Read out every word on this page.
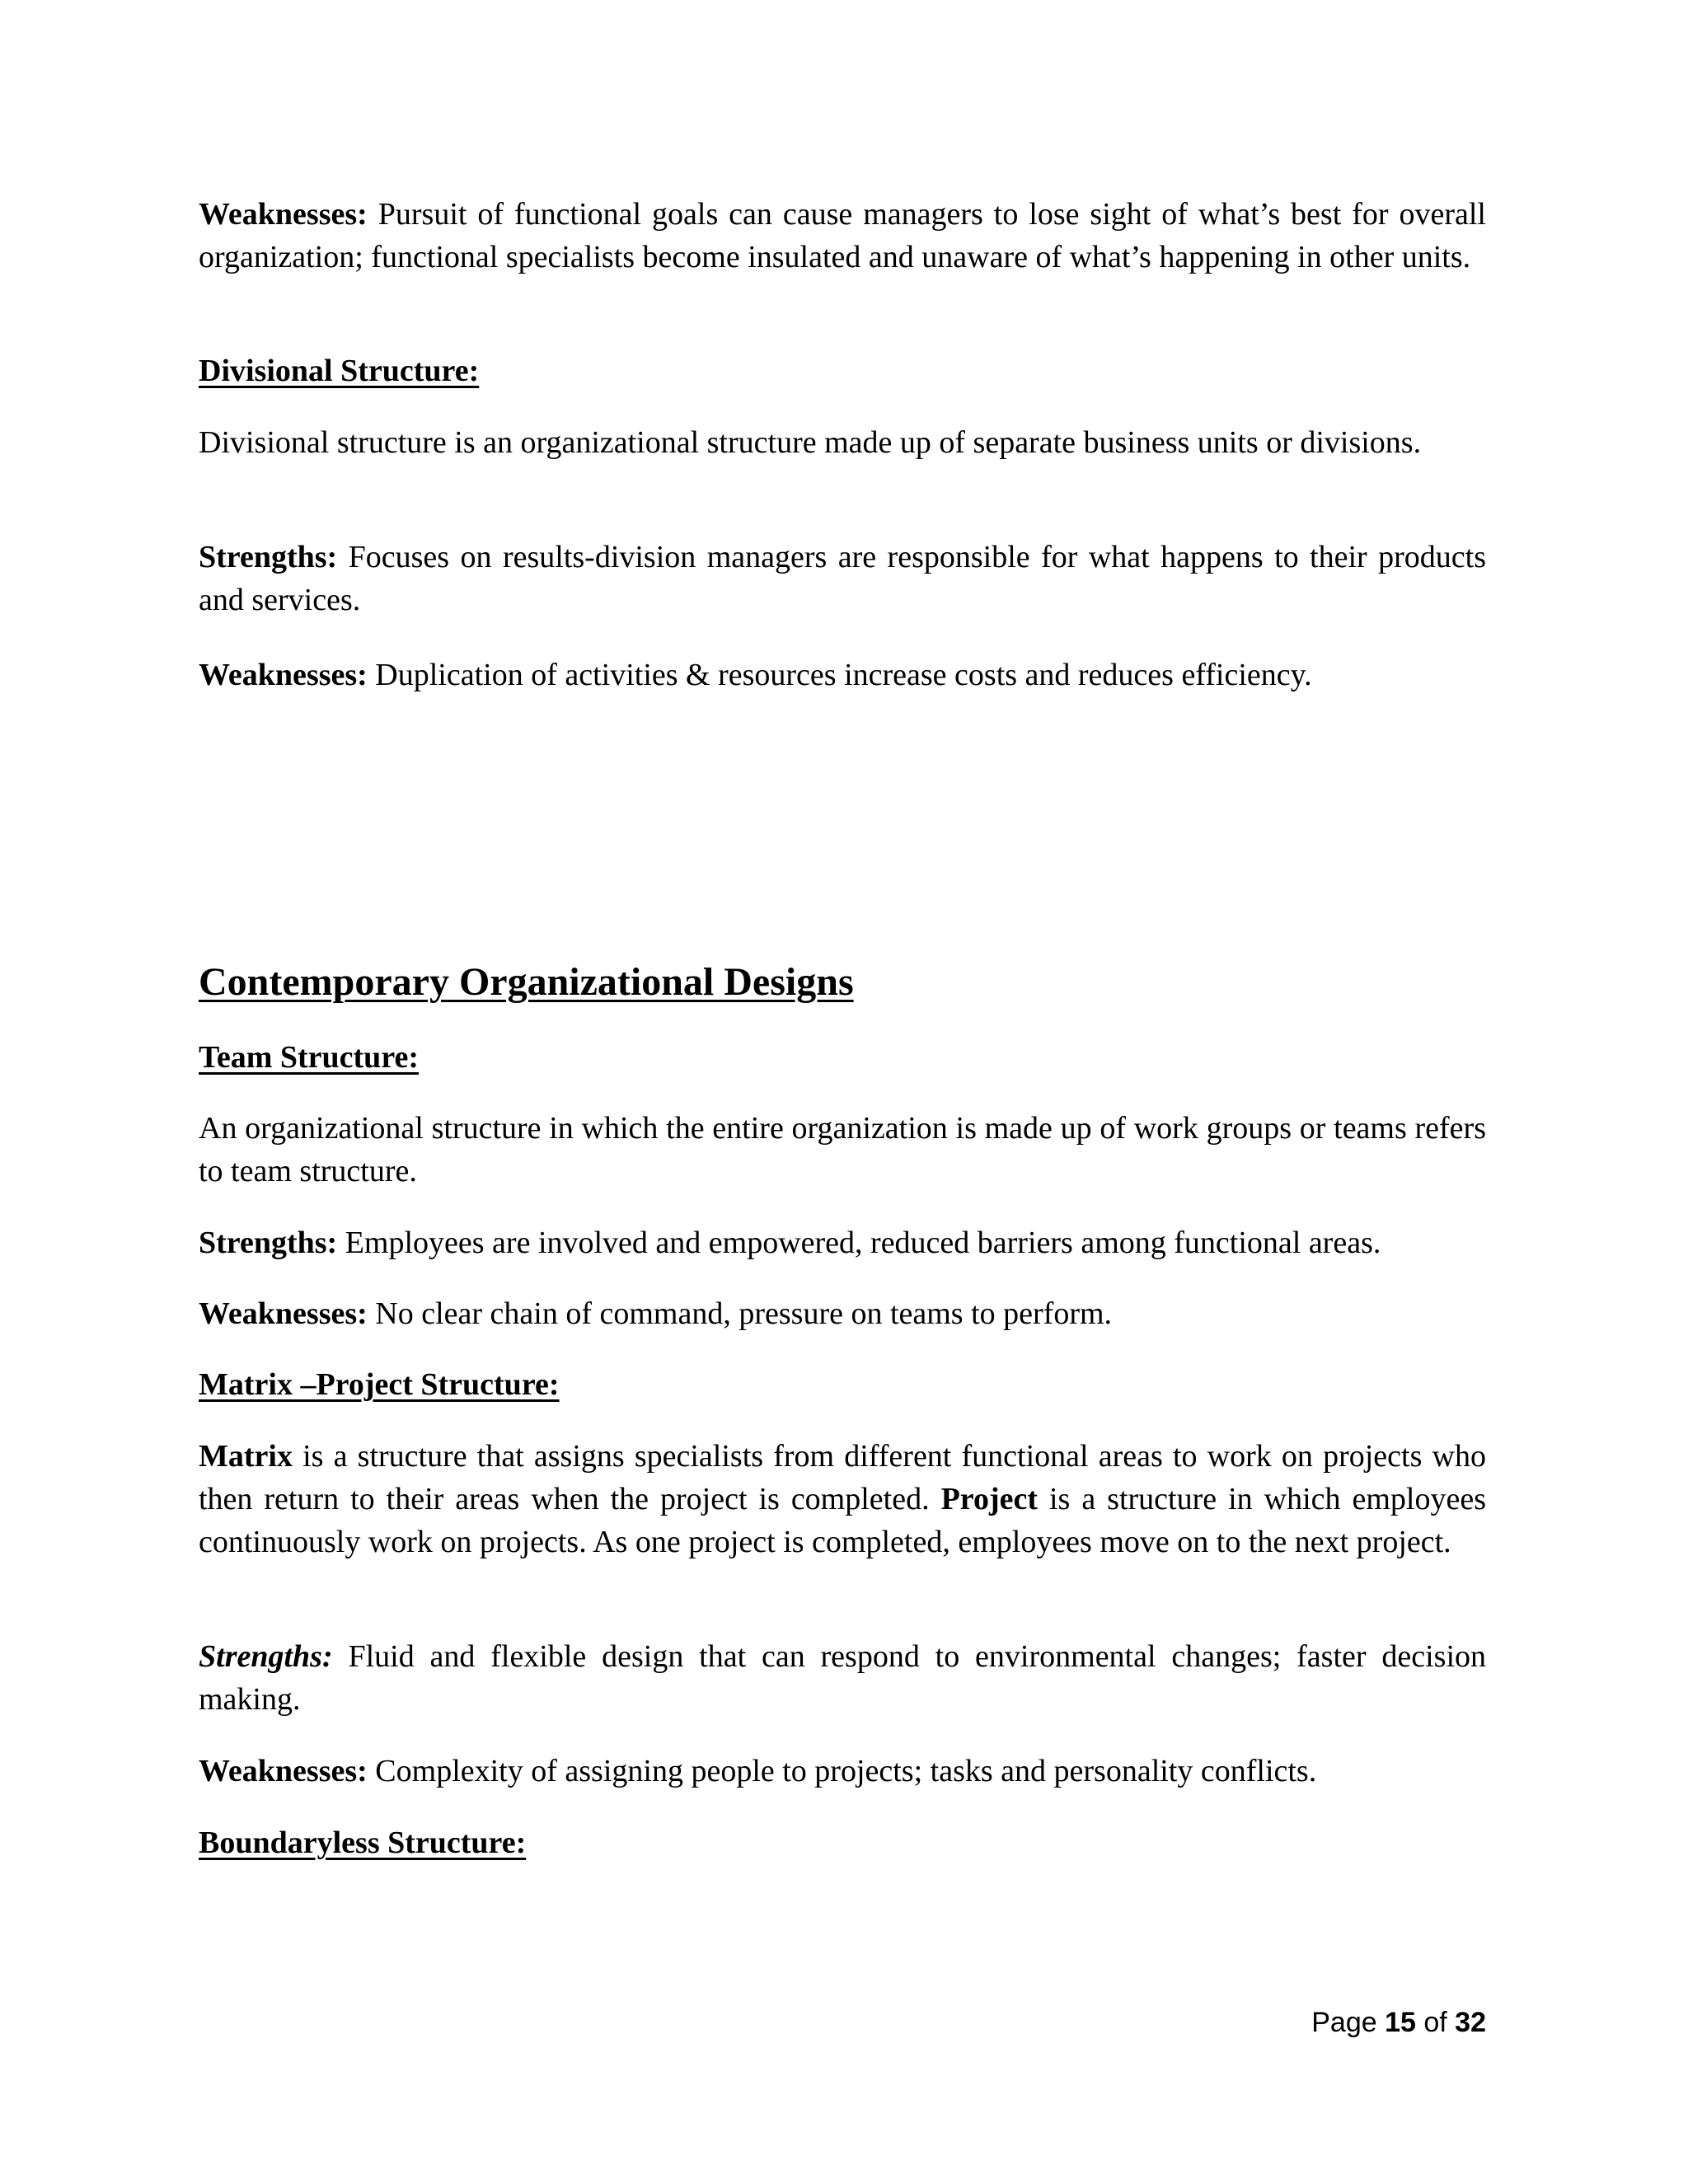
Weaknesses: Pursuit of functional goals can cause managers to lose sight of what’s best for overall organization; functional specialists become insulated and unaware of what’s happening in other units.

Divisional Structure:

Divisional structure is an organizational structure made up of separate business units or divisions.

Strengths: Focuses on results-division managers are responsible for what happens to their products and services.

Weaknesses: Duplication of activities & resources increase costs and reduces efficiency.

Contemporary Organizational Designs

Team Structure:

An organizational structure in which the entire organization is made up of work groups or teams refers to team structure.

Strengths: Employees are involved and empowered, reduced barriers among functional areas.

Weaknesses: No clear chain of command, pressure on teams to perform.

Matrix –Project Structure:

Matrix is a structure that assigns specialists from different functional areas to work on projects who then return to their areas when the project is completed. Project is a structure in which employees continuously work on projects. As one project is completed, employees move on to the next project.

Strengths: Fluid and flexible design that can respond to environmental changes; faster decision making.

Weaknesses: Complexity of assigning people to projects; tasks and personality conflicts.

Boundaryless Structure:

Page 15 of 32
